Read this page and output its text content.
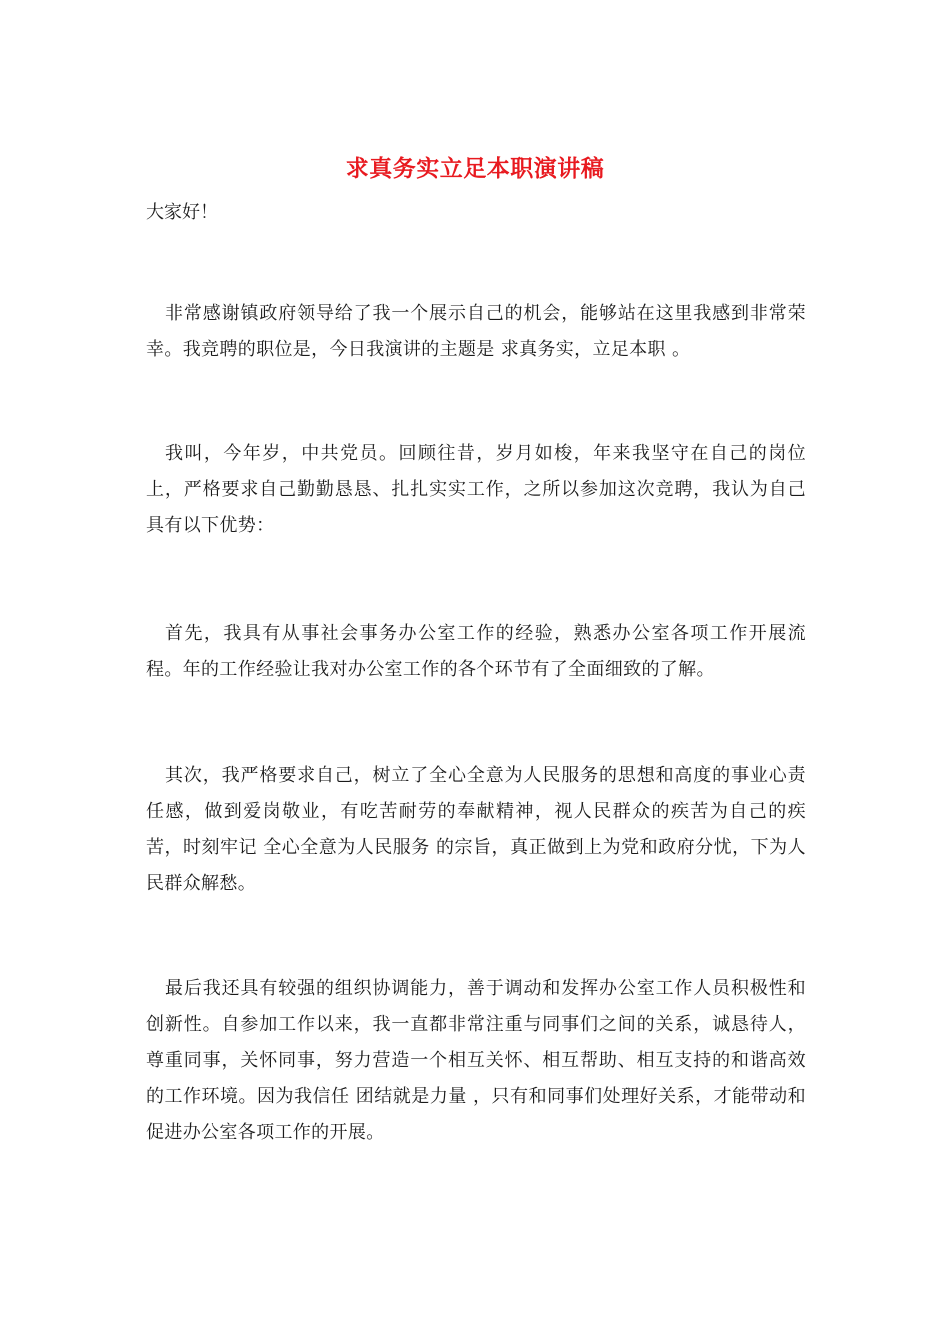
求真务实立足本职演讲稿
大家好！

非常感谢镇政府领导给了我一个展示自己的机会，能够站在这里我感到非常荣幸。我竞聘的职位是，今日我演讲的主题是 求真务实，立足本职 。

我叫，今年岁，中共党员。回顾往昔，岁月如梭，年来我坚守在自己的岗位上，严格要求自己勤勤恳恳、扎扎实实工作，之所以参加这次竞聘，我认为自己具有以下优势：

首先，我具有从事社会事务办公室工作的经验，熟悉办公室各项工作开展流程。年的工作经验让我对办公室工作的各个环节有了全面细致的了解。

其次，我严格要求自己，树立了全心全意为人民服务的思想和高度的事业心责任感，做到爱岗敬业，有吃苦耐劳的奉献精神，视人民群众的疾苦为自己的疾苦，时刻牢记 全心全意为人民服务 的宗旨，真正做到上为党和政府分忧，下为人民群众解愁。

最后我还具有较强的组织协调能力，善于调动和发挥办公室工作人员积极性和创新性。自参加工作以来，我一直都非常注重与同事们之间的关系，诚恳待人，尊重同事，关怀同事，努力营造一个相互关怀、相互帮助、相互支持的和谐高效的工作环境。因为我信任 团结就是力量 ，只有和同事们处理好关系，才能带动和促进办公室各项工作的开展。
